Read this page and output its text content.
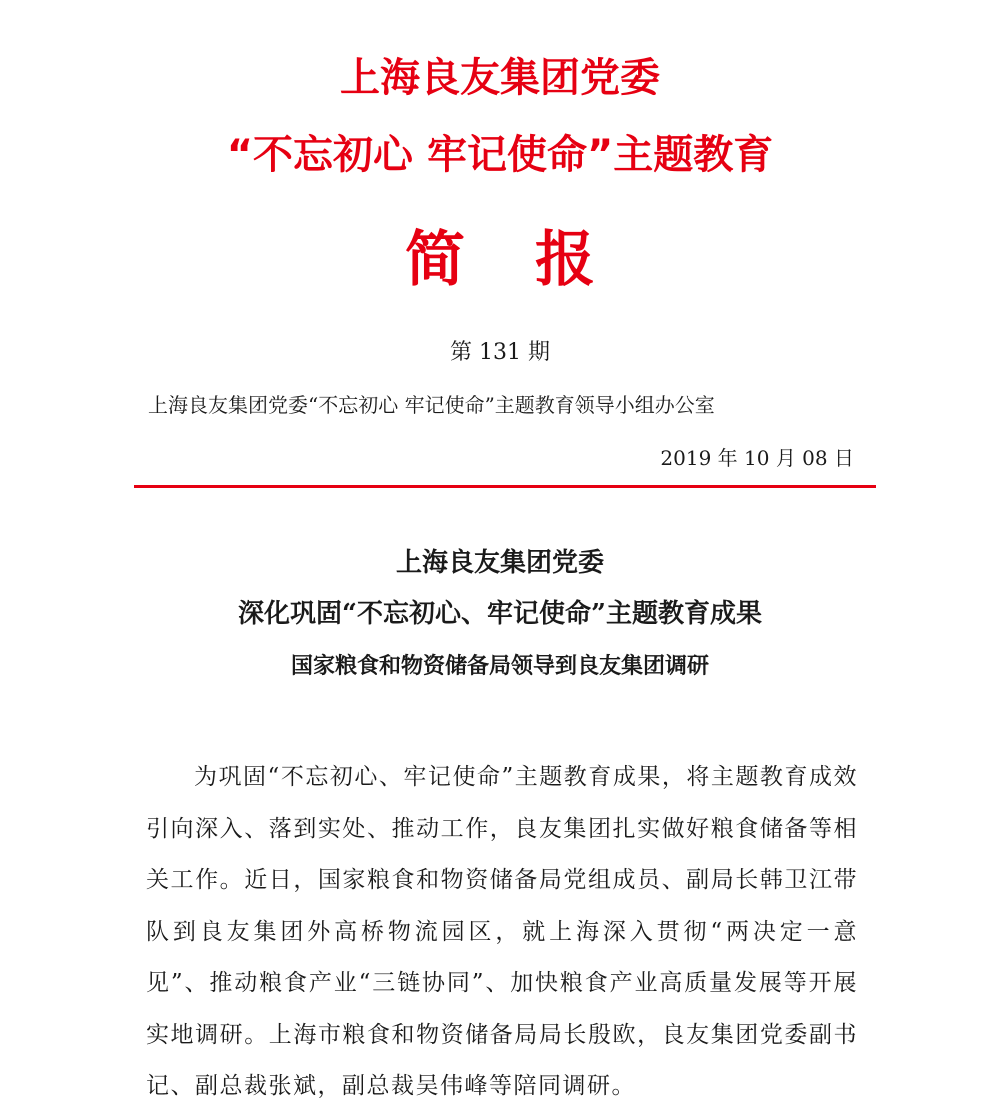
上海良友集团党委
“不忘初心 牢记使命”主题教育
简报

第 131 期

上海良友集团党委“不忘初心 牢记使命”主题教育领导小组办公室

2019 年 10 月 08 日

上海良友集团党委
深化巩固“不忘初心、牢记使命”主题教育成果
国家粮食和物资储备局领导到良友集团调研

为巩固“不忘初心、牢记使命”主题教育成果，将主题教育成效引向深入、落到实处、推动工作，良友集团扎实做好粮食储备等相关工作。近日，国家粮食和物资储备局党组成员、副局长韩卫江带队到良友集团外高桥物流园区，就上海深入贯彻“两决定一意见”、推动粮食产业“三链协同”、加快粮食产业高质量发展等开展实地调研。上海市粮食和物资储备局局长殷欧，良友集团党委副书记、副总裁张斌，副总裁吴伟峰等陪同调研。
